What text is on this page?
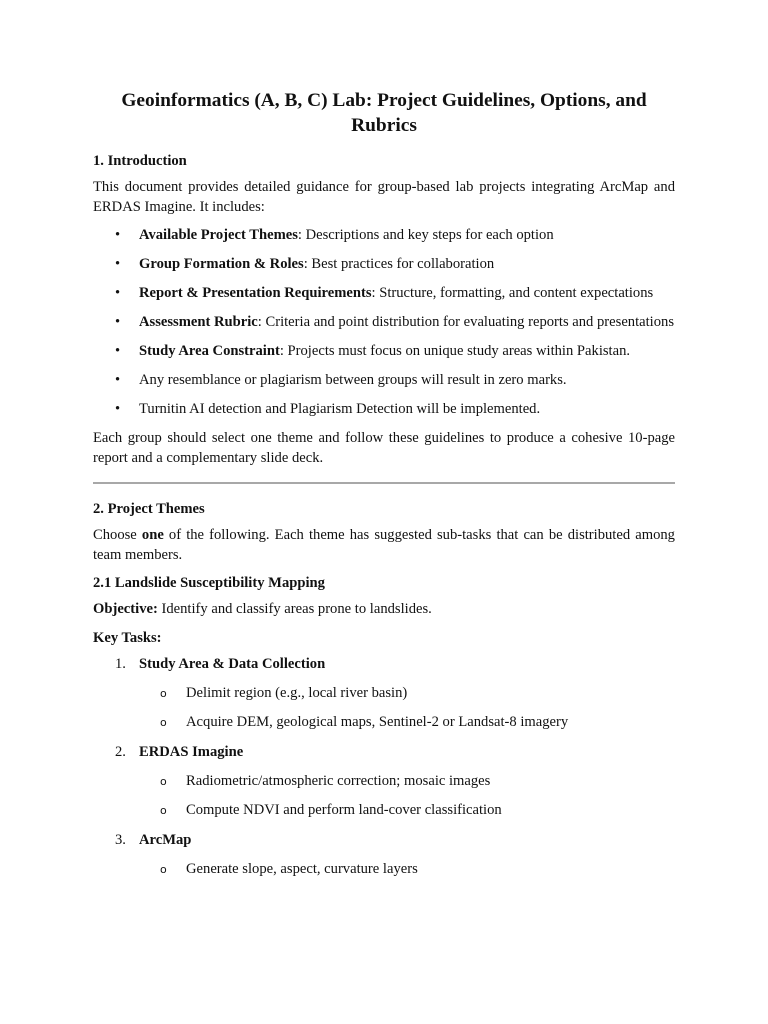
Geoinformatics (A, B, C) Lab: Project Guidelines, Options, and Rubrics
1. Introduction
This document provides detailed guidance for group-based lab projects integrating ArcMap and ERDAS Imagine. It includes:
• Available Project Themes: Descriptions and key steps for each option
• Group Formation & Roles: Best practices for collaboration
• Report & Presentation Requirements: Structure, formatting, and content expectations
• Assessment Rubric: Criteria and point distribution for evaluating reports and presentations
• Study Area Constraint: Projects must focus on unique study areas within Pakistan.
• Any resemblance or plagiarism between groups will result in zero marks.
• Turnitin AI detection and Plagiarism Detection will be implemented.
Each group should select one theme and follow these guidelines to produce a cohesive 10-page report and a complementary slide deck.
2. Project Themes
Choose one of the following. Each theme has suggested sub-tasks that can be distributed among team members.
2.1 Landslide Susceptibility Mapping
Objective: Identify and classify areas prone to landslides.
Key Tasks:
1. Study Area & Data Collection
o Delimit region (e.g., local river basin)
o Acquire DEM, geological maps, Sentinel-2 or Landsat-8 imagery
2. ERDAS Imagine
o Radiometric/atmospheric correction; mosaic images
o Compute NDVI and perform land-cover classification
3. ArcMap
o Generate slope, aspect, curvature layers
